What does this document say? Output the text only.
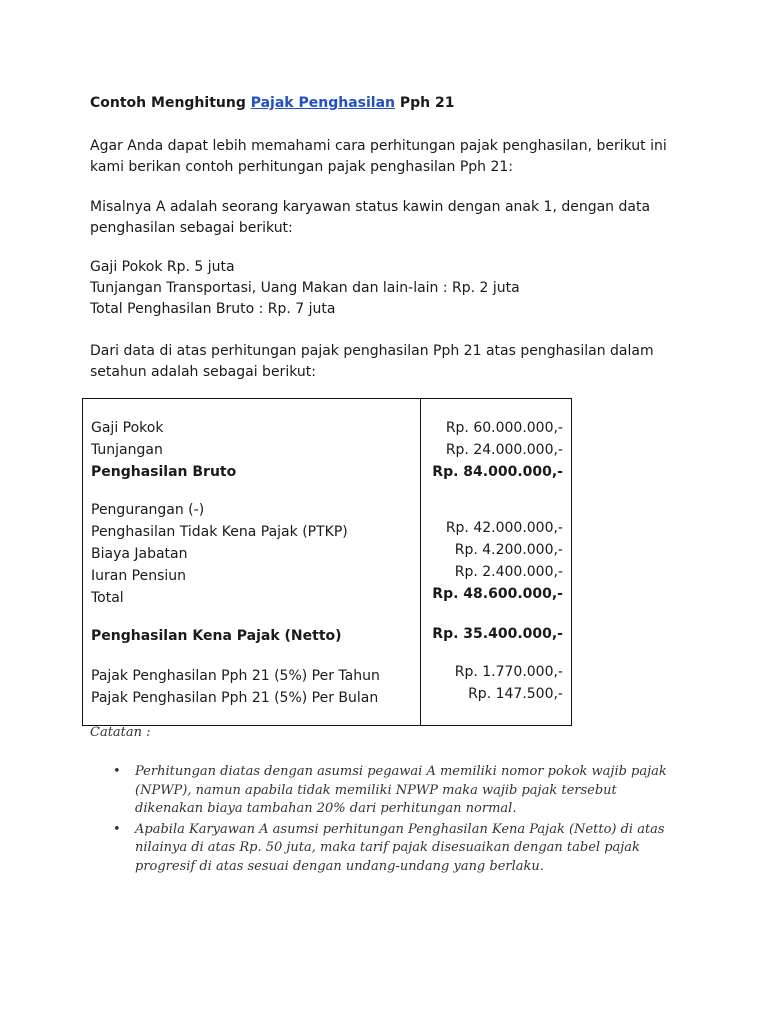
Contoh Menghitung Pajak Penghasilan Pph 21

Agar Anda dapat lebih memahami cara perhitungan pajak penghasilan, berikut ini

kami berikan contoh perhitungan pajak penghasilan Pph 21:

Misalnya A adalah seorang karyawan status kawin dengan anak 1, dengan data

penghasilan sebagai berikut:

Gaji Pokok Rp. 5 juta

Tunjangan Transportasi, Uang Makan dan lain-lain : Rp. 2 juta

Total Penghasilan Bruto : Rp. 7 juta

Dari data di atas perhitungan pajak penghasilan Pph 21 atas penghasilan dalam

setahun adalah sebagai berikut:

Gaji Pokok	Rp. 60.000.000,-
Tunjangan	Rp. 24.000.000,-
Penghasilan Bruto	Rp. 84.000.000,-
Pengurangan (-)
Penghasilan Tidak Kena Pajak (PTKP)	Rp. 42.000.000,-
Biaya Jabatan	Rp. 4.200.000,-
Iuran Pensiun	Rp. 2.400.000,-
Total	Rp. 48.600.000,-
Penghasilan Kena Pajak (Netto)	Rp. 35.400.000,-
Pajak Penghasilan Pph 21 (5%) Per Tahun	Rp. 1.770.000,-
Pajak Penghasilan Pph 21 (5%) Per Bulan	Rp. 147.500,-
Catatan :
• Perhitungan diatas dengan asumsi pegawai A memiliki nomor pokok wajib pajak (NPWP), namun apabila tidak memiliki NPWP maka wajib pajak tersebut dikenakan biaya tambahan 20% dari perhitungan normal.
• Apabila Karyawan A asumsi perhitungan Penghasilan Kena Pajak (Netto) di atas nilainya di atas Rp. 50 juta, maka tarif pajak disesuaikan dengan tabel pajak progresif di atas sesuai dengan undang-undang yang berlaku.
